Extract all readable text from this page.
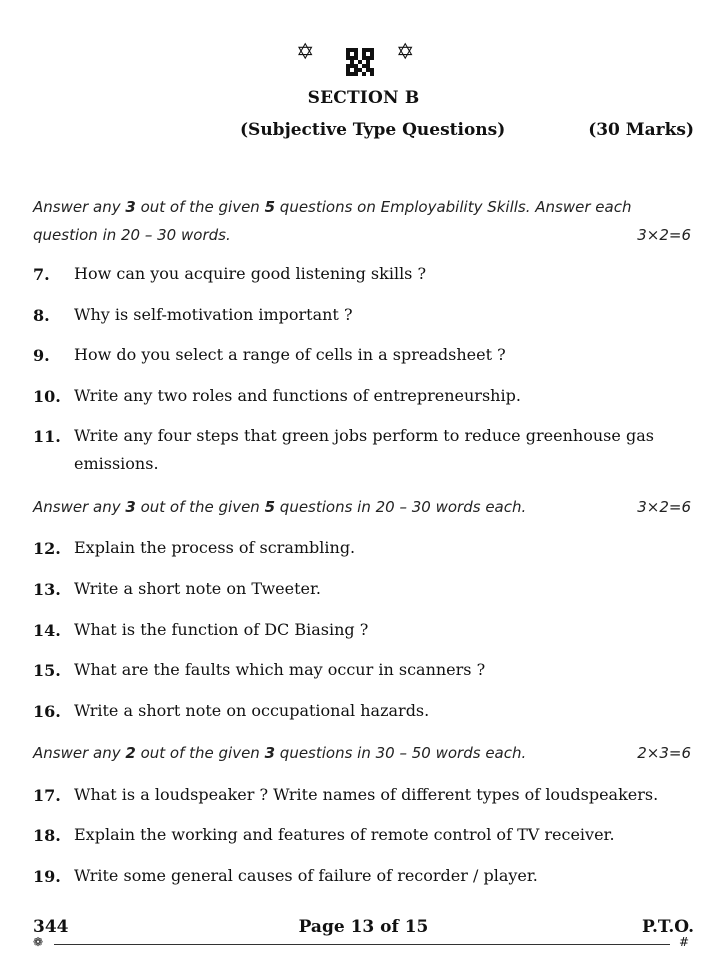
✡	✡
SECTION B
(Subjective Type Questions)	(30 Marks)
Answer any 3 out of the given 5 questions on Employability Skills. Answer each
question in 20 – 30 words.	3×2=6
7. How can you acquire good listening skills ?
8. Why is self-motivation important ?
9. How do you select a range of cells in a spreadsheet ?
10. Write any two roles and functions of entrepreneurship.
11. Write any four steps that green jobs perform to reduce greenhouse gas emissions.
Answer any 3 out of the given 5 questions in 20 – 30 words each.	3×2=6
12. Explain the process of scrambling.
13. Write a short note on Tweeter.
14. What is the function of DC Biasing ?
15. What are the faults which may occur in scanners ?
16. Write a short note on occupational hazards.
Answer any 2 out of the given 3 questions in 30 – 50 words each.	2×3=6
17. What is a loudspeaker ? Write names of different types of loudspeakers.
18. Explain the working and features of remote control of TV receiver.
19. Write some general causes of failure of recorder / player.
344	Page 13 of 15	P.T.O.
❁	#
